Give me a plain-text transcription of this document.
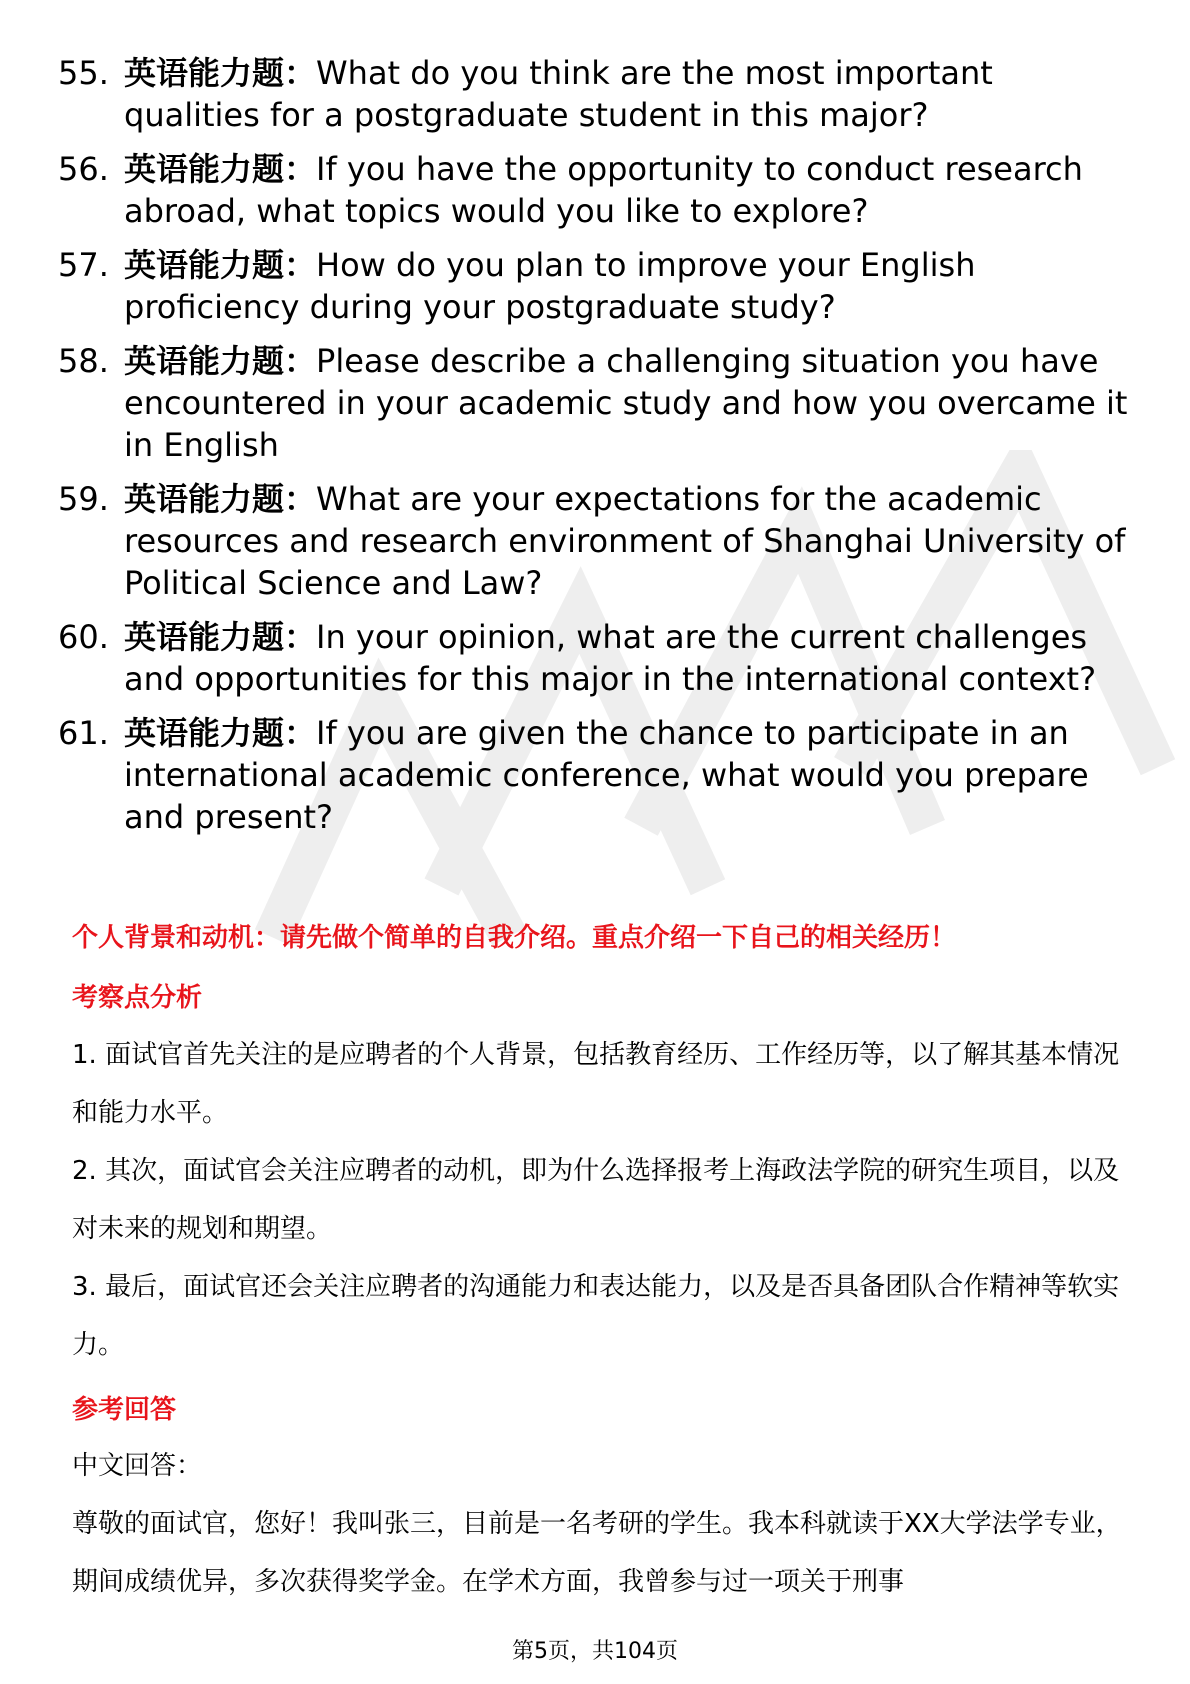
55. 英语能力题：What do you think are the most important qualities for a postgraduate student in this major?
56. 英语能力题：If you have the opportunity to conduct research abroad, what topics would you like to explore?
57. 英语能力题：How do you plan to improve your English proficiency during your postgraduate study?
58. 英语能力题：Please describe a challenging situation you have encountered in your academic study and how you overcame it in English
59. 英语能力题：What are your expectations for the academic resources and research environment of Shanghai University of Political Science and Law?
60. 英语能力题：In your opinion, what are the current challenges and opportunities for this major in the international context?
61. 英语能力题：If you are given the chance to participate in an international academic conference, what would you prepare and present?
个人背景和动机：请先做个简单的自我介绍。重点介绍一下自己的相关经历！
考察点分析
1. 面试官首先关注的是应聘者的个人背景，包括教育经历、工作经历等，以了解其基本情况和能力水平。
2. 其次，面试官会关注应聘者的动机，即为什么选择报考上海政法学院的研究生项目，以及对未来的规划和期望。
3. 最后，面试官还会关注应聘者的沟通能力和表达能力，以及是否具备团队合作精神等软实力。
参考回答
中文回答：
尊敬的面试官，您好！我叫张三，目前是一名考研的学生。我本科就读于XX大学法学专业，期间成绩优异，多次获得奖学金。在学术方面，我曾参与过一项关于刑事
第5页，共104页
